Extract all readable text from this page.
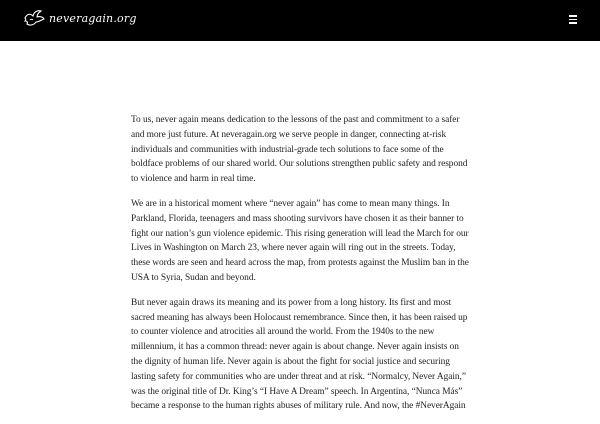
neveragain.org

To us, never again means dedication to the lessons of the past and commitment to a safer and more just future. At neveragain.org we serve people in danger, connecting at-risk individuals and communities with industrial-grade tech solutions to face some of the boldface problems of our shared world. Our solutions strengthen public safety and respond to violence and harm in real time.

We are in a historical moment where “never again” has come to mean many things. In Parkland, Florida, teenagers and mass shooting survivors have chosen it as their banner to fight our nation’s gun violence epidemic. This rising generation will lead the March for our Lives in Washington on March 23, where never again will ring out in the streets. Today, these words are seen and heard across the map, from protests against the Muslim ban in the USA to Syria, Sudan and beyond.

But never again draws its meaning and its power from a long history. Its first and most sacred meaning has always been Holocaust remembrance. Since then, it has been raised up to counter violence and atrocities all around the world. From the 1940s to the new millennium, it has a common thread: never again is about change. Never again insists on the dignity of human life. Never again is about the fight for social justice and securing lasting safety for communities who are under threat and at risk. “Normalcy, Never Again,” was the original title of Dr. King’s “I Have A Dream” speech. In Argentina, “Nunca Más” became a response to the human rights abuses of military rule. And now, the #NeverAgain
